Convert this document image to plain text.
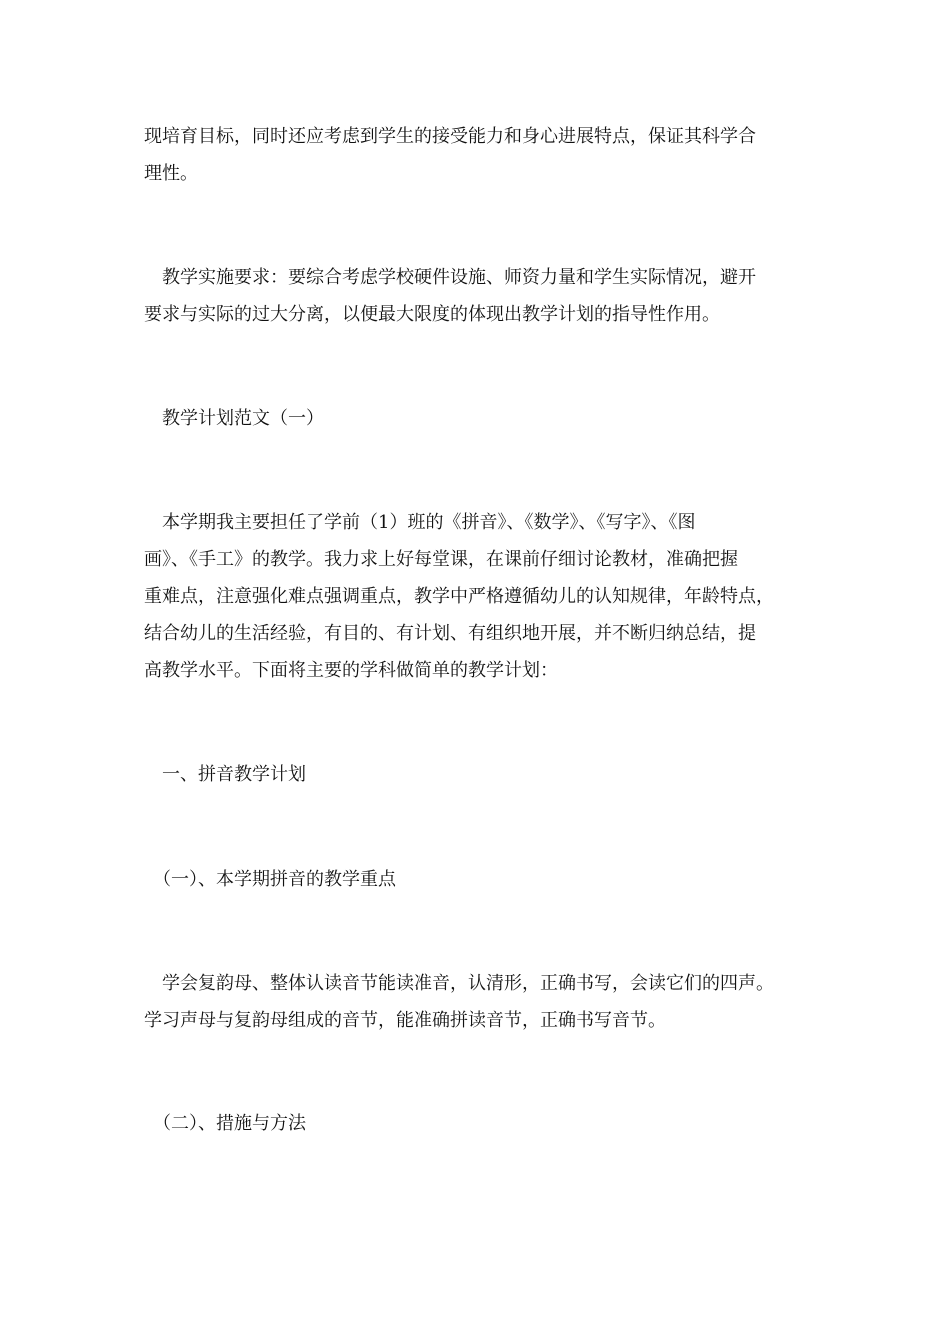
现培育目标，同时还应考虑到学生的接受能力和身心进展特点，保证其科学合
理性。
　教学实施要求：要综合考虑学校硬件设施、师资力量和学生实际情况，避开
要求与实际的过大分离，以便最大限度的体现出教学计划的指导性作用。
　教学计划范文（一）
　本学期我主要担任了学前（1）班的《拼音》、《数学》、《写字》、《图
画》、《手工》的教学。我力求上好每堂课，在课前仔细讨论教材，准确把握
重难点，注意强化难点强调重点，教学中严格遵循幼儿的认知规律，年龄特点，
结合幼儿的生活经验，有目的、有计划、有组织地开展，并不断归纳总结，提
高教学水平。下面将主要的学科做简单的教学计划：
　一、拼音教学计划
　（一）、本学期拼音的教学重点
　学会复韵母、整体认读音节能读准音，认清形，正确书写，会读它们的四声。
学习声母与复韵母组成的音节，能准确拼读音节，正确书写音节。
　（二）、措施与方法
